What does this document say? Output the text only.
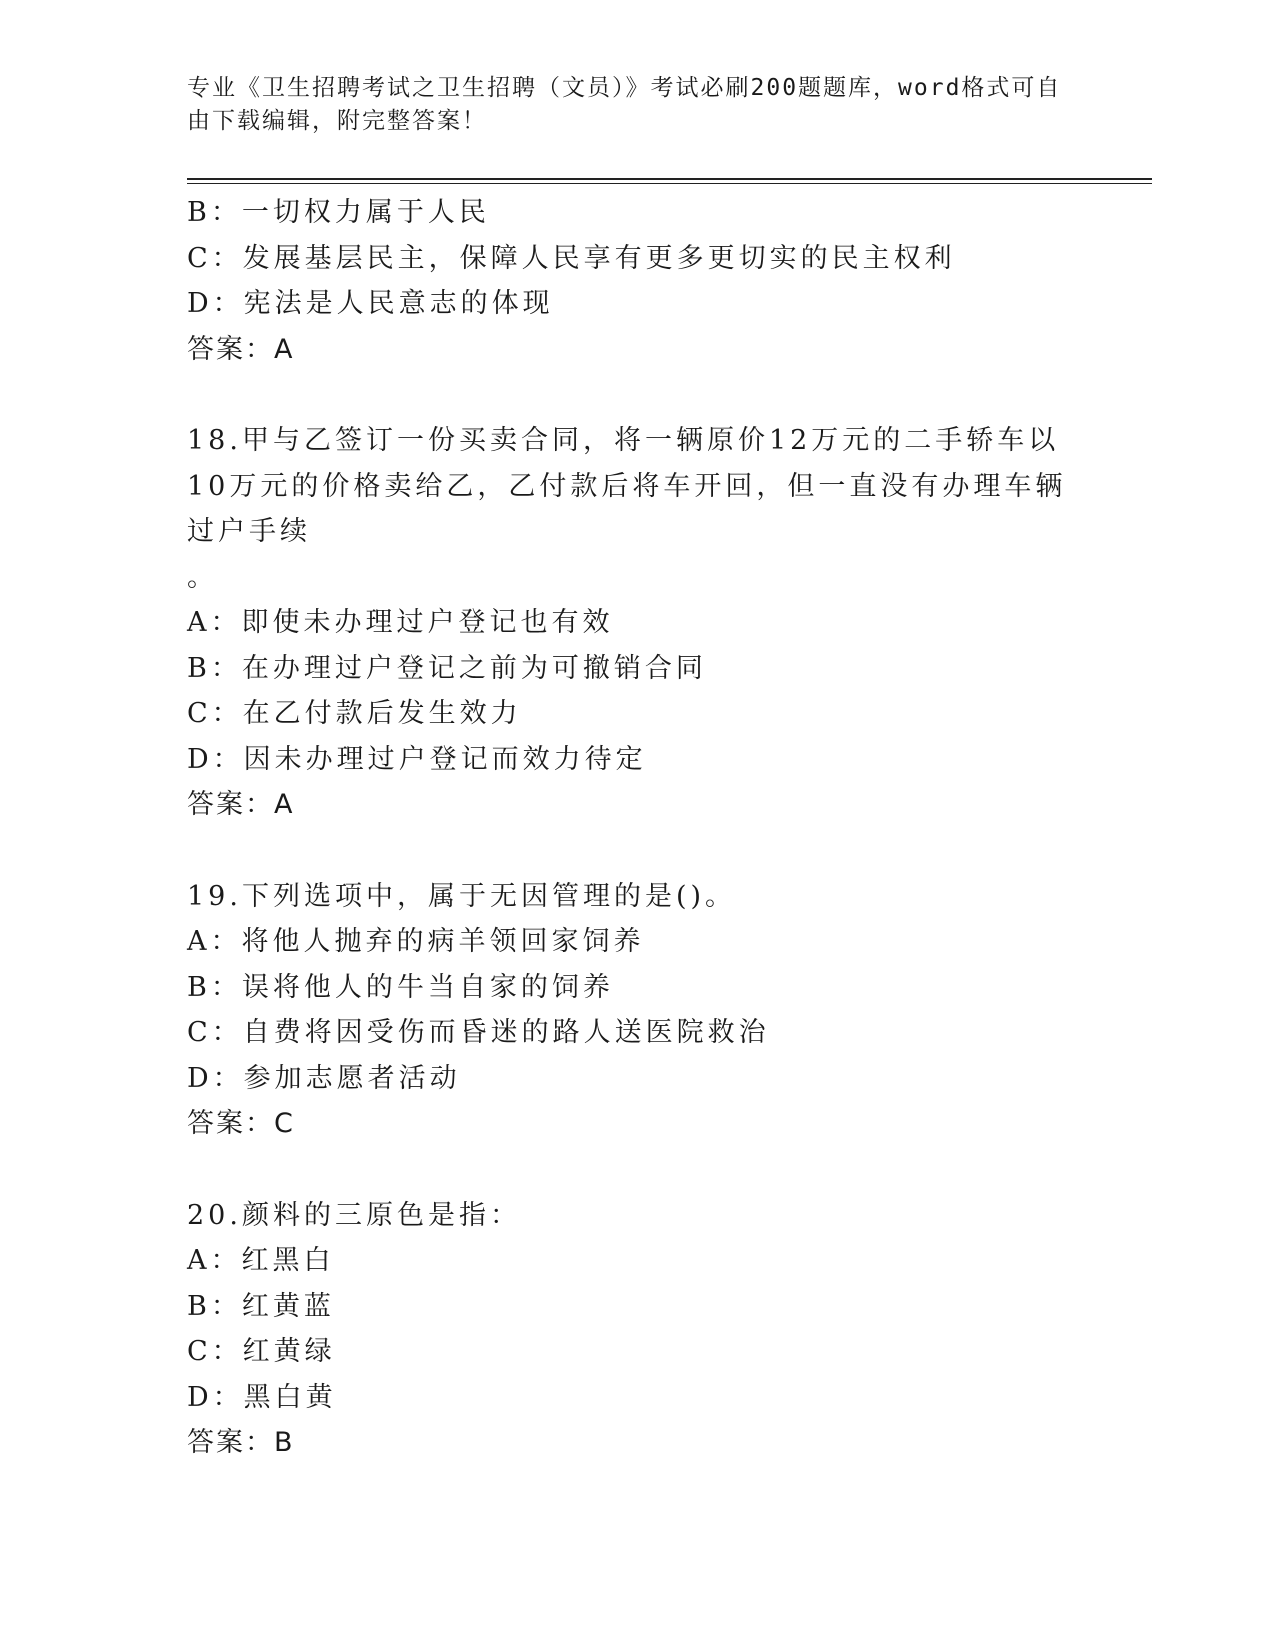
专业《卫生招聘考试之卫生招聘（文员）》考试必刷200题题库，word格式可自由下载编辑，附完整答案！
B：一切权力属于人民
C：发展基层民主，保障人民享有更多更切实的民主权利
D：宪法是人民意志的体现
答案：A
18.甲与乙签订一份买卖合同，将一辆原价12万元的二手轿车以10万元的价格卖给乙，乙付款后将车开回，但一直没有办理车辆过户手续
。
A：即使未办理过户登记也有效
B：在办理过户登记之前为可撤销合同
C：在乙付款后发生效力
D：因未办理过户登记而效力待定
答案：A
19.下列选项中，属于无因管理的是()。
A：将他人抛弃的病羊领回家饲养
B：误将他人的牛当自家的饲养
C：自费将因受伤而昏迷的路人送医院救治
D：参加志愿者活动
答案：C
20.颜料的三原色是指：
A：红黑白
B：红黄蓝
C：红黄绿
D：黑白黄
答案：B
